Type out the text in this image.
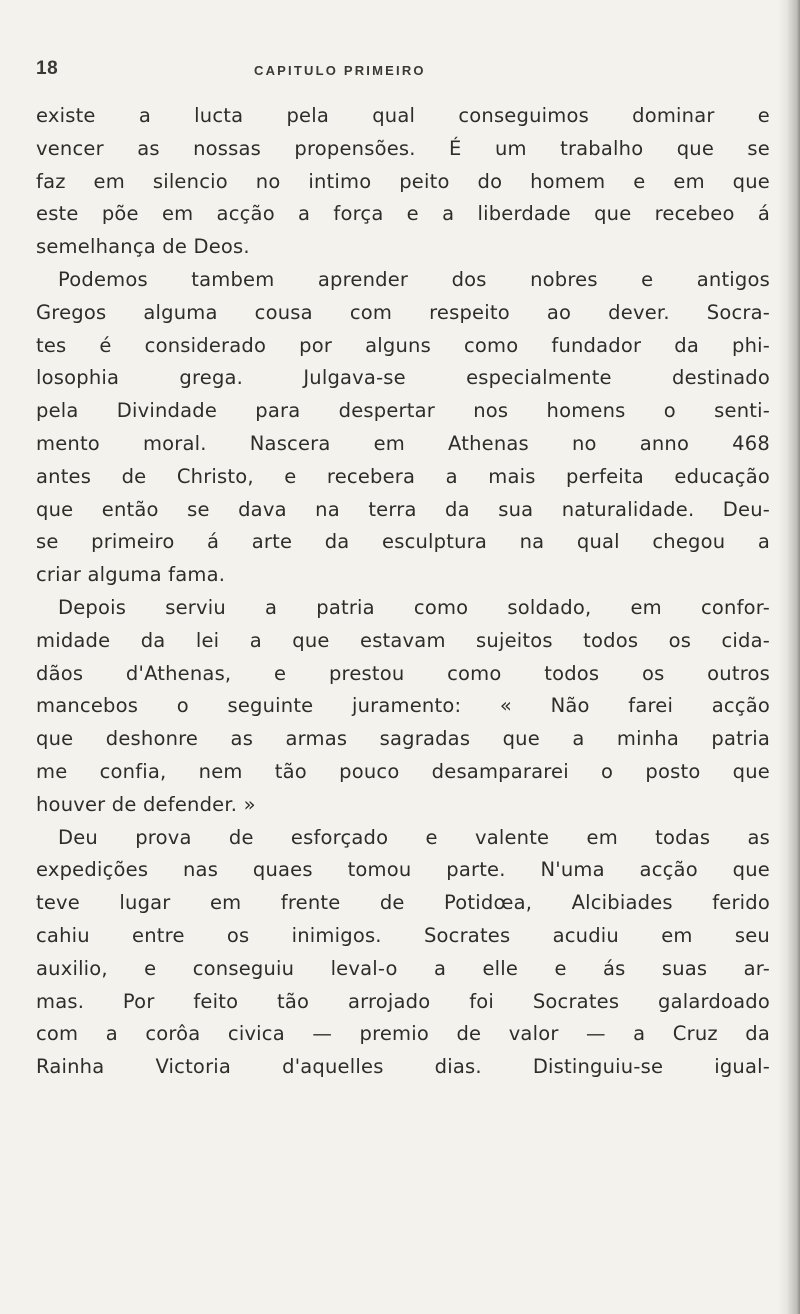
18	CAPITULO PRIMEIRO
existe a lucta pela qual conseguimos dominar e
vencer as nossas propensões. É um trabalho que se
faz em silencio no intimo peito do homem e em que
este põe em acção a força e a liberdade que recebeo á
semelhança de Deos.
Podemos tambem aprender dos nobres e antigos
Gregos alguma cousa com respeito ao dever. Socra-
tes é considerado por alguns como fundador da phi-
losophia grega. Julgava-se especialmente destinado
pela Divindade para despertar nos homens o senti-
mento moral. Nascera em Athenas no anno 468
antes de Christo, e recebera a mais perfeita educação
que então se dava na terra da sua naturalidade. Deu-
se primeiro á arte da esculptura na qual chegou a
criar alguma fama.
Depois serviu a patria como soldado, em confor-
midade da lei a que estavam sujeitos todos os cida-
dãos d'Athenas, e prestou como todos os outros
mancebos o seguinte juramento: « Não farei acção
que deshonre as armas sagradas que a minha patria
me confia, nem tão pouco desampararei o posto que
houver de defender. »
Deu prova de esforçado e valente em todas as
expedições nas quaes tomou parte. N'uma acção que
teve lugar em frente de Potidœa, Alcibiades ferido
cahiu entre os inimigos. Socrates acudiu em seu
auxilio, e conseguiu leval-o a elle e ás suas ar-
mas. Por feito tão arrojado foi Socrates galardoado
com a corôa civica — premio de valor — a Cruz da
Rainha Victoria d'aquelles dias. Distinguiu-se igual-
